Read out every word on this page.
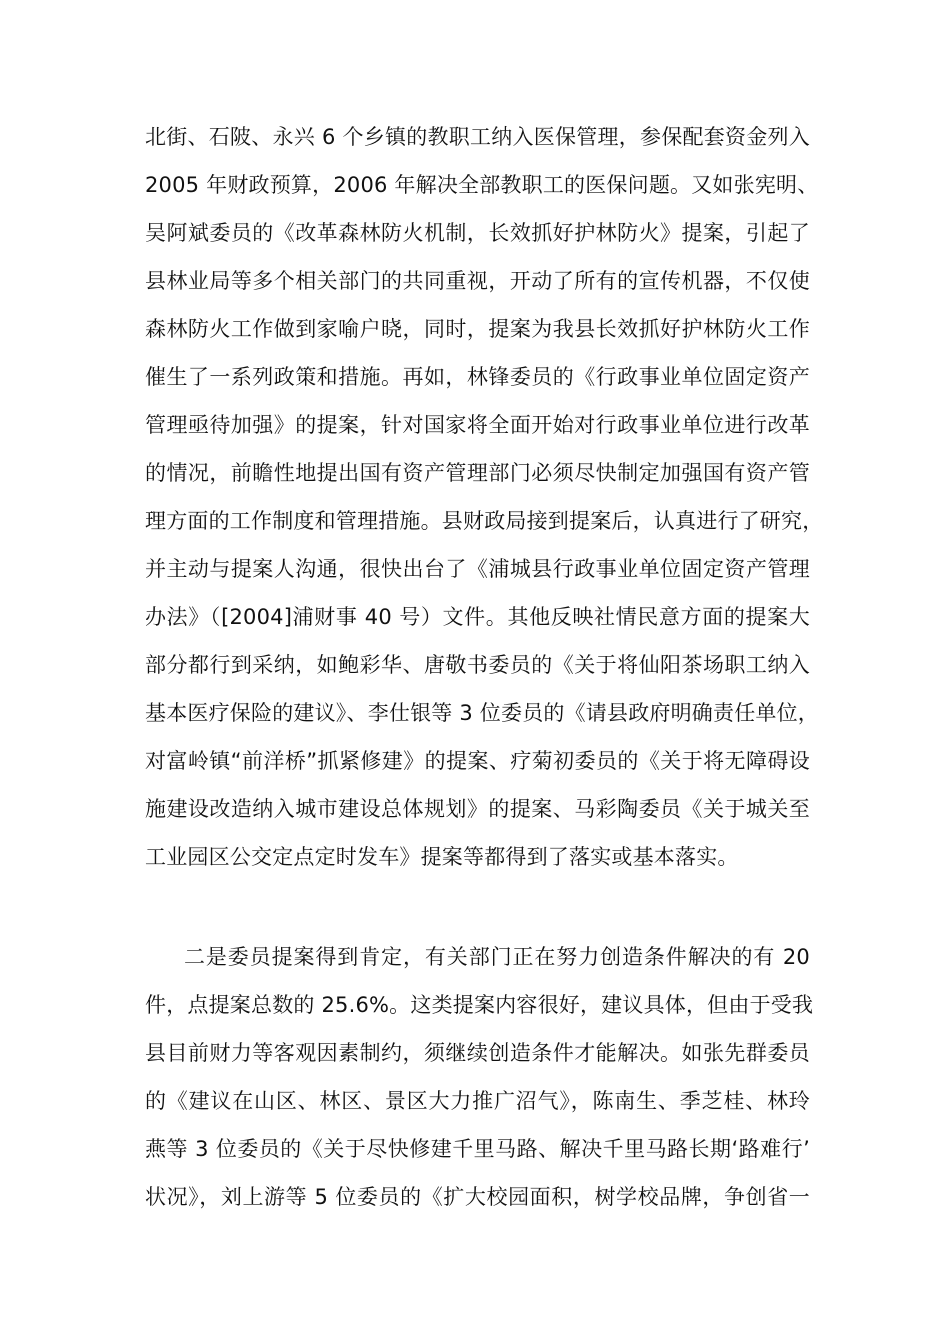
北街、石陂、永兴 6 个乡镇的教职工纳入医保管理，参保配套资金列入
2005 年财政预算，2006 年解决全部教职工的医保问题。又如张宪明、
吴阿斌委员的《改革森林防火机制，长效抓好护林防火》提案，引起了
县林业局等多个相关部门的共同重视，开动了所有的宣传机器，不仅使
森林防火工作做到家喻户晓，同时，提案为我县长效抓好护林防火工作
催生了一系列政策和措施。再如，林锋委员的《行政事业单位固定资产
管理亟待加强》的提案，针对国家将全面开始对行政事业单位进行改革
的情况，前瞻性地提出国有资产管理部门必须尽快制定加强国有资产管
理方面的工作制度和管理措施。县财政局接到提案后，认真进行了研究，
并主动与提案人沟通，很快出台了《浦城县行政事业单位固定资产管理
办法》（[2004]浦财事 40 号）文件。其他反映社情民意方面的提案大
部分都行到采纳，如鲍彩华、唐敬书委员的《关于将仙阳茶场职工纳入
基本医疗保险的建议》、李仕银等 3 位委员的《请县政府明确责任单位，
对富岭镇“前洋桥”抓紧修建》的提案、疗菊初委员的《关于将无障碍设
施建设改造纳入城市建设总体规划》的提案、马彩陶委员《关于城关至
工业园区公交定点定时发车》提案等都得到了落实或基本落实。
二是委员提案得到肯定，有关部门正在努力创造条件解决的有 20
件，点提案总数的 25.6%。这类提案内容很好，建议具体，但由于受我
县目前财力等客观因素制约，须继续创造条件才能解决。如张先群委员
的《建议在山区、林区、景区大力推广沼气》，陈南生、季芝桂、林玲
燕等 3 位委员的《关于尽快修建千里马路、解决千里马路长期‘路难行’
状况》，刘上游等 5 位委员的《扩大校园面积，树学校品牌，争创省一
